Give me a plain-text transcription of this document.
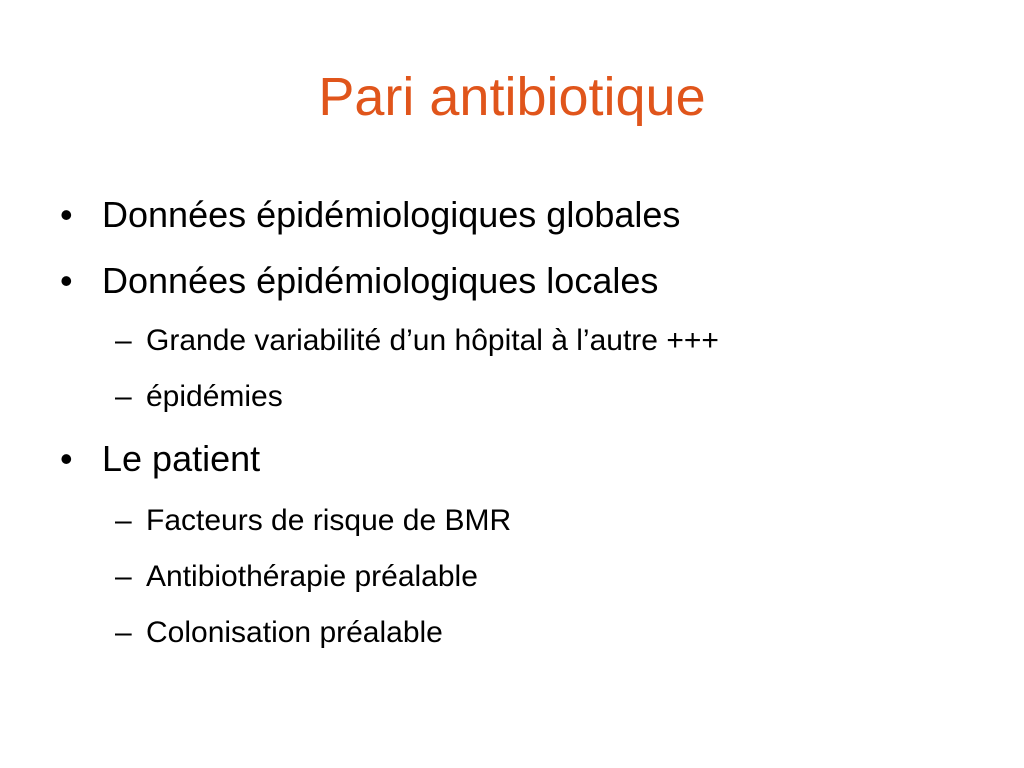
Pari antibiotique
• Données épidémiologiques globales
• Données épidémiologiques locales
– Grande variabilité d’un hôpital à l’autre +++
– épidémies
• Le patient
– Facteurs de risque de BMR
– Antibiothérapie préalable
– Colonisation préalable
